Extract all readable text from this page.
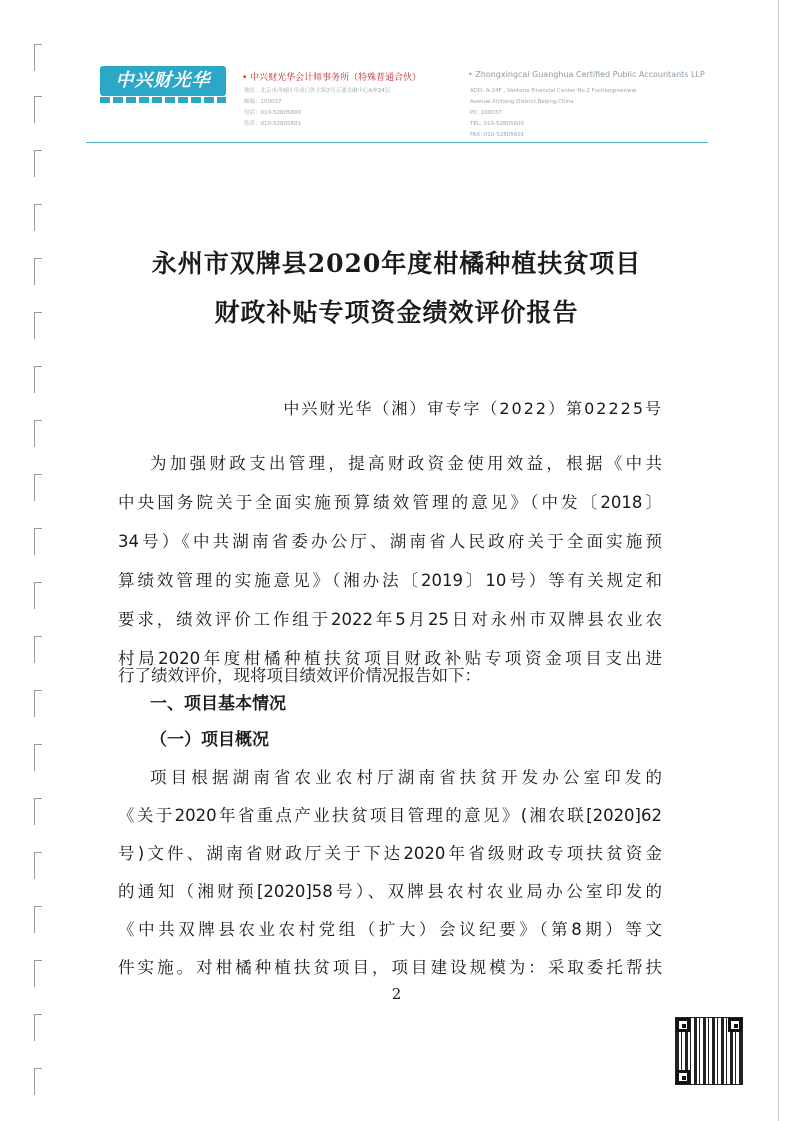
中兴财光华	• 中兴财光华会计师事务所（特殊普通合伙）	• Zhongxingcai Guanghua Certified Public Accountants LLP
地址：北京市西城区阜成门外大街2号万通金融中心A座24层
邮编：100037
电话：010-52805600
传真：010-52805601
ADD: A-24F , Vantone Financial Center No.2 Fuchengmenwai
Avenue,Xicheng District,Beijing,China
PC: 100037
TEL: 010-52805600
FAX: 010-52805601
永州市双牌县2020年度柑橘种植扶贫项目
财政补贴专项资金绩效评价报告
中兴财光华（湘）审专字（2022）第02225号
为加强财政支出管理，提高财政资金使用效益，根据《中共
中央国务院关于全面实施预算绩效管理的意见》（中发〔2018〕
34号）《中共湖南省委办公厅、湖南省人民政府关于全面实施预
算绩效管理的实施意见》（湘办法〔2019〕10号）等有关规定和
要求，绩效评价工作组于2022年5月25日对永州市双牌县农业农
村局2020年度柑橘种植扶贫项目财政补贴专项资金项目支出进
一、项目基本情况
（一）项目概况
项目根据湖南省农业农村厅湖南省扶贫开发办公室印发的
《关于2020年省重点产业扶贫项目管理的意见》(湘农联[2020]62
号)文件、湖南省财政厅关于下达2020年省级财政专项扶贫资金
的通知（湘财预[2020]58号）、双牌县农村农业局办公室印发的
《中共双牌县农业农村党组（扩大）会议纪要》（第8期）等文
件实施。对柑橘种植扶贫项目，项目建设规模为：采取委托帮扶
2
行了绩效评价，现将项目绩效评价情况报告如下：
